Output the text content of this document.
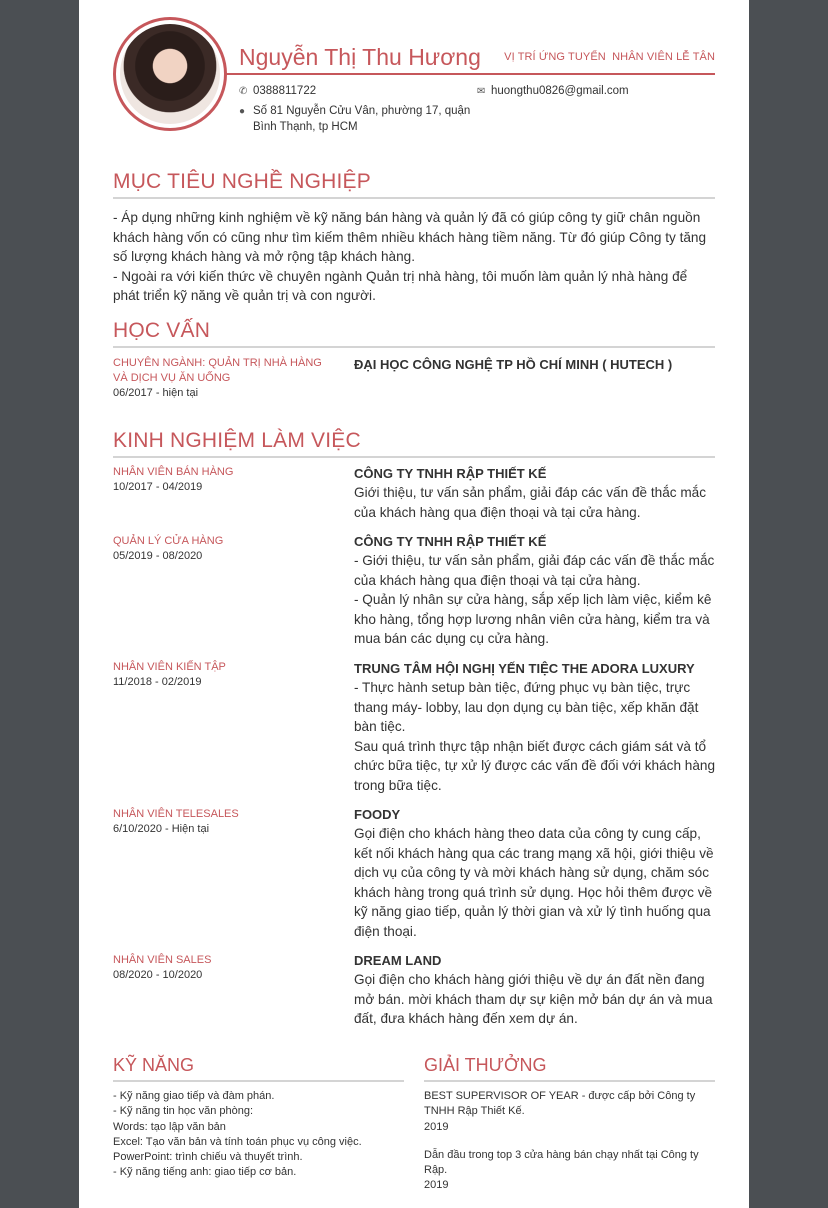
Nguyễn Thị Thu Hương VỊ TRÍ ỨNG TUYỂN NHÂN VIÊN LỄ TÂN
✆ 0388811722	✉ huongthu0826@gmail.com
● Số 81 Nguyễn Cửu Vân, phường 17, quận Bình Thạnh, tp HCM
MỤC TIÊU NGHỀ NGHIỆP

- Áp dụng những kinh nghiệm về kỹ năng bán hàng và quản lý đã có giúp công ty giữ chân nguồn khách hàng vốn có cũng như tìm kiếm thêm nhiều khách hàng tiềm năng. Từ đó giúp Công ty tăng số lượng khách hàng và mở rộng tập khách hàng.

- Ngoài ra với kiến thức về chuyên ngành Quản trị nhà hàng, tôi muốn làm quản lý nhà hàng để phát triển kỹ năng về quản trị và con người.

HỌC VẤN
CHUYÊN NGÀNH: QUẢN TRỊ NHÀ HÀNG VÀ DỊCH VỤ ĂN UỐNG
06/2017 - hiện tại
ĐẠI HỌC CÔNG NGHỆ TP HỒ CHÍ MINH ( HUTECH )
KINH NGHIỆM LÀM VIỆC
NHÂN VIÊN BÁN HÀNG
10/2017 - 04/2019
CÔNG TY TNHH RẬP THIẾT KẾ

Giới thiệu, tư vấn sản phẩm, giải đáp các vấn đề thắc mắc của khách hàng qua điện thoại và tại cửa hàng.

QUẢN LÝ CỬA HÀNG
05/2019 - 08/2020
CÔNG TY TNHH RẬP THIẾT KẾ

- Giới thiệu, tư vấn sản phẩm, giải đáp các vấn đề thắc mắc của khách hàng qua điện thoại và tại cửa hàng.

- Quản lý nhân sự cửa hàng, sắp xếp lịch làm việc, kiểm kê kho hàng, tổng hợp lương nhân viên cửa hàng, kiểm tra và mua bán các dụng cụ cửa hàng.

NHÂN VIÊN KIẾN TẬP
11/2018 - 02/2019
TRUNG TÂM HỘI NGHỊ YẾN TIỆC THE ADORA LUXURY

- Thực hành setup bàn tiệc, đứng phục vụ bàn tiệc, trực thang máy- lobby, lau dọn dụng cụ bàn tiệc, xếp khăn đặt bàn tiệc.

Sau quá trình thực tập nhận biết được cách giám sát và tổ chức bữa tiệc, tự xử lý được các vấn đề đối với khách hàng trong bữa tiệc.

NHÂN VIÊN TELESALES
6/10/2020 - Hiện tại
FOODY

Gọi điện cho khách hàng theo data của công ty cung cấp, kết nối khách hàng qua các trang mạng xã hội, giới thiệu về dịch vụ của công ty và mời khách hàng sử dụng, chăm sóc khách hàng trong quá trình sử dụng. Học hỏi thêm được về kỹ năng giao tiếp, quản lý thời gian và xử lý tình huống qua điện thoại.

NHÂN VIÊN SALES
08/2020 - 10/2020
DREAM LAND

Gọi điện cho khách hàng giới thiệu về dự án đất nền đang mở bán. mời khách tham dự sự kiện mở bán dự án và mua đất, đưa khách hàng đến xem dự án.

KỸ NĂNG

- Kỹ năng giao tiếp và đàm phán.

- Kỹ năng tin học văn phòng:

Words: tạo lập văn bản

Excel: Tạo văn bản và tính toán phục vụ công việc.

PowerPoint: trình chiếu và thuyết trình.

- Kỹ năng tiếng anh: giao tiếp cơ bản.

GIẢI THƯỞNG

BEST SUPERVISOR OF YEAR - được cấp bởi Công ty TNHH Rập Thiết Kế.

2019

Dẫn đầu trong top 3 cửa hàng bán chạy nhất tại Công ty Rập.

2019
